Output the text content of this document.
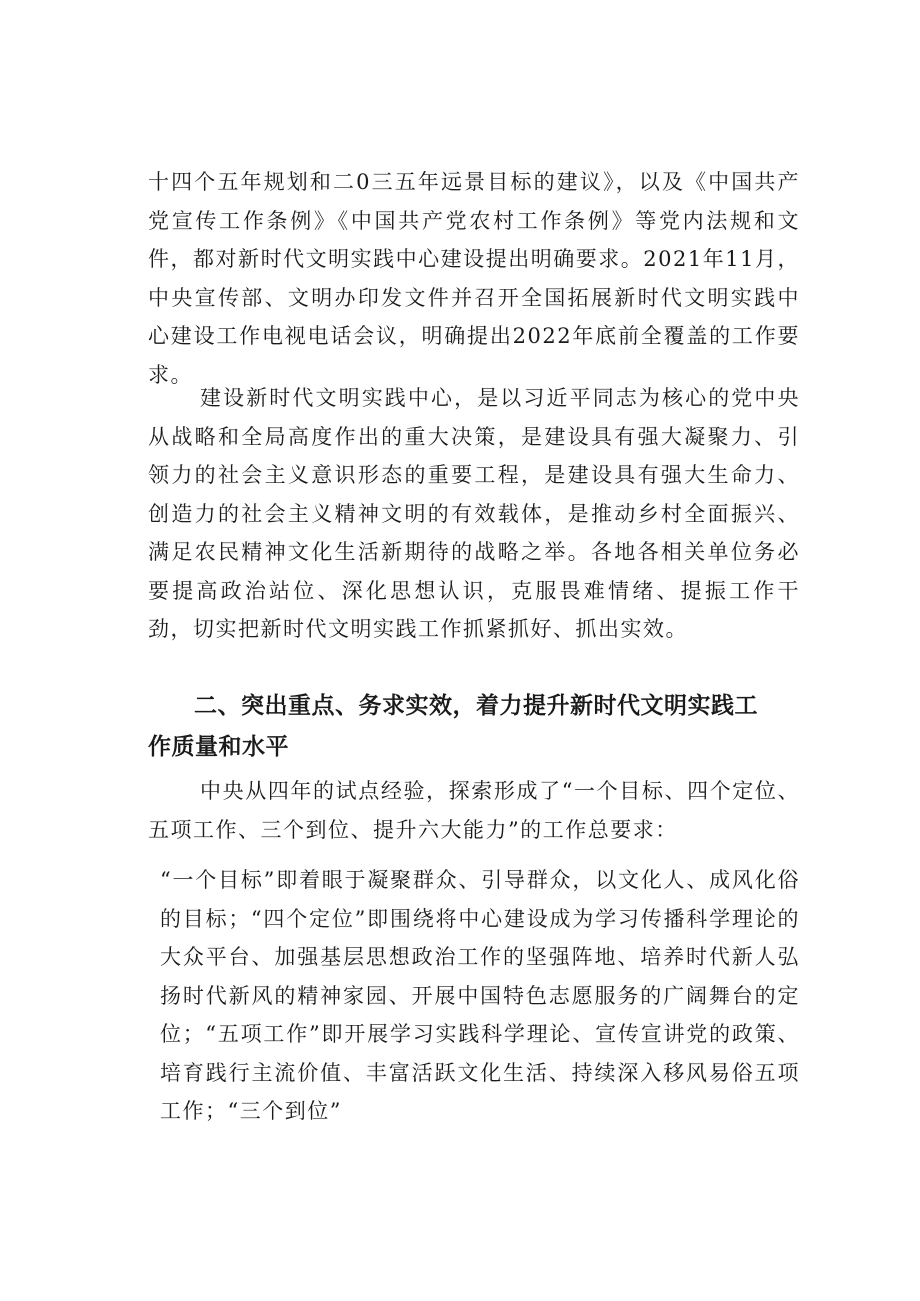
十四个五年规划和二0三五年远景目标的建议》，以及《中国共产党宣传工作条例》《中国共产党农村工作条例》等党内法规和文件，都对新时代文明实践中心建设提出明确要求。2021年11月，中央宣传部、文明办印发文件并召开全国拓展新时代文明实践中心建设工作电视电话会议，明确提出2022年底前全覆盖的工作要求。

建设新时代文明实践中心，是以习近平同志为核心的党中央从战略和全局高度作出的重大决策，是建设具有强大凝聚力、引领力的社会主义意识形态的重要工程，是建设具有强大生命力、创造力的社会主义精神文明的有效载体，是推动乡村全面振兴、满足农民精神文化生活新期待的战略之举。各地各相关单位务必要提高政治站位、深化思想认识，克服畏难情绪、提振工作干劲，切实把新时代文明实践工作抓紧抓好、抓出实效。

二、突出重点、务求实效，着力提升新时代文明实践工
作质量和水平

中央从四年的试点经验，探索形成了“一个目标、四个定位、五项工作、三个到位、提升六大能力”的工作总要求：

“一个目标”即着眼于凝聚群众、引导群众，以文化人、成风化俗的目标；“四个定位”即围绕将中心建设成为学习传播科学理论的大众平台、加强基层思想政治工作的坚强阵地、培养时代新人弘扬时代新风的精神家园、开展中国特色志愿服务的广阔舞台的定位；“五项工作”即开展学习实践科学理论、宣传宣讲党的政策、培育践行主流价值、丰富活跃文化生活、持续深入移风易俗五项工作；“三个到位”
